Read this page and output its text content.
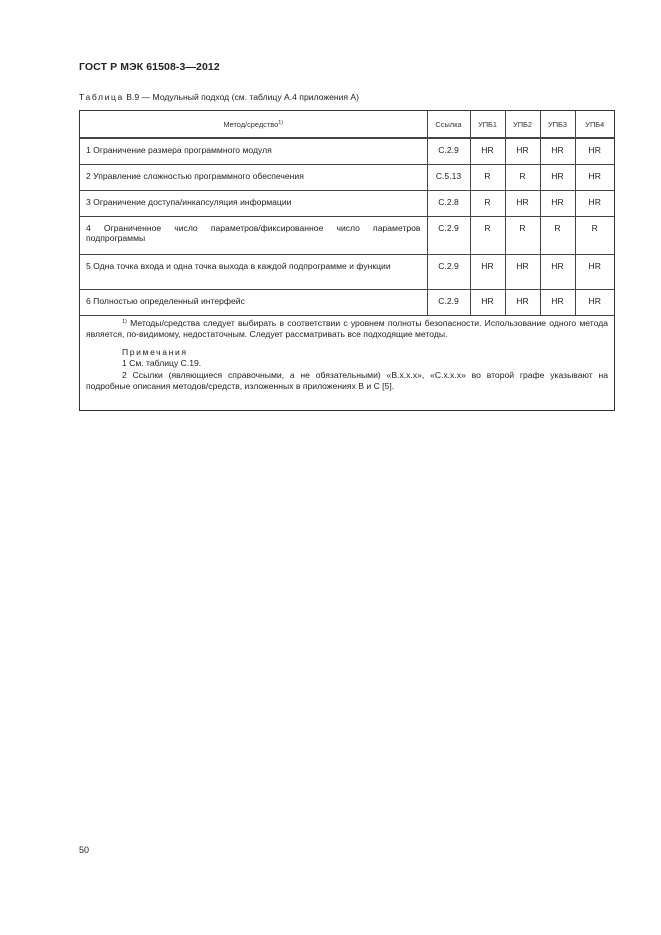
ГОСТ Р МЭК 61508-3—2012
Таблица В.9 — Модульный подход (см. таблицу А.4 приложения А)
Метод/средство$^{1)}$	Ссылка	УПБ1	УПБ2	УПБ3	УПБ4
1 Ограничение размера программного модуля	С.2.9	HR	HR	HR	HR
2 Управление сложностью программного обеспечения	С.5.13	R	R	HR	HR
3 Ограничение доступа/инкапсуляция информации	С.2.8	R	HR	HR	HR
4 Ограниченное число параметров/фиксированное число параметров подпрограммы	С.2.9	R	R	R	R
5 Одна точка входа и одна точка выхода в каждой подпрограмме и функции	С.2.9	HR	HR	HR	HR
6 Полностью определенный интерфейс	С.2.9	HR	HR	HR	HR

$^{1)}$ Методы/средства следует выбирать в соответствии с уровнем полноты безопасности. Использование одного метода является, по-видимому, недостаточным. Следует рассматривать все подходящие методы.

Примечания

1 См. таблицу С.19.

2 Ссылки (являющиеся справочными, а не обязательными) «В.х.х.х», «С.х.х.х» во второй графе указывают на подробные описания методов/средств, изложенных в приложениях В и С [5].

50
